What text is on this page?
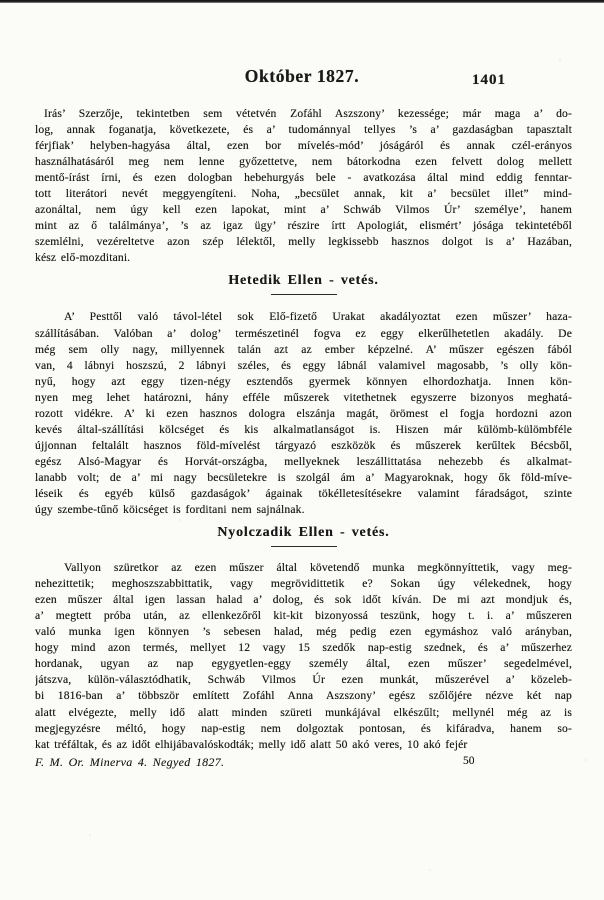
Október 1827.	1401

Irás’ Szerzője, tekintetben sem vétetvén Zofáhl Aszszony’ kezessége; már maga a’ do-
log, annak foganatja, következete, és a’ tudománnyal tellyes ’s a’ gazdaságban tapasztalt
férjfiak’ helyben-hagyása által, ezen bor mívelés-mód’ jóságáról és annak czél-erányos
használhatásáról meg nem lenne győzettetve, nem bátorkodna ezen felvett dolog mellett
mentő-írást írni, és ezen dologban hebehurgyás bele - avatkozása által mind eddig fenntar-
tott literátori nevét meggyengíteni. Noha, „becsület annak, kit a’ becsület illet” mind-
azonáltal, nem úgy kell ezen lapokat, mint a’ Schwáb Vilmos Úr’ személye’, hanem
mint az ő találmánya’, ’s az igaz ügy’ részire írtt Apologiát, elismért’ jósága tekintetéből
szemlélni, vezéreltetve azon szép lélektől, melly legkissebb hasznos dolgot is a’ Hazában,
kész elő-mozditani.

Hetedik Ellen - vetés.

A’ Pesttől való távol-létel sok Elő-fizető Urakat akadályoztat ezen műszer’ haza-
szállításában. Valóban a’ dolog’ természetinél fogva ez eggy elkerűlhetetlen akadály. De
még sem olly nagy, millyennek talán azt az ember képzelné. A’ műszer egészen fából
van, 4 lábnyi hoszszú, 2 lábnyi széles, és eggy lábnál valamivel magosabb, ’s olly kön-
nyű, hogy azt eggy tizen-négy esztendős gyermek könnyen elhordozhatja. Innen kön-
nyen meg lehet határozni, hány efféle műszerek vitethetnek egyszerre bizonyos meghatá-
rozott vidékre. A’ ki ezen hasznos dologra elszánja magát, örömest el fogja hordozni azon
kevés által-szállítási kölcséget és kis alkalmatlanságot is. Hiszen már külömb-külömbféle
újjonnan feltalált hasznos föld-mívelést tárgyazó eszközök és műszerek kerűltek Bécsből,
egész Alsó-Magyar és Horvát-országba, mellyeknek leszállittatása nehezebb és alkalmat-
lanabb volt; de a’ mi nagy becsületekre is szolgál ám a’ Magyaroknak, hogy ők föld-míve-
léseik és egyéb külső gazdaságok’ ágainak tökélletesítésekre valamint fáradságot, szinte
úgy szembe-tűnő köicséget is forditani nem sajnálnak.

Nyolczadik Ellen - vetés.

Vallyon szüretkor az ezen műszer által követendő munka megkönnyíttetik, vagy meg-
nehezittetik; meghoszszabbittatik, vagy megrövidittetik e? Sokan úgy vélekednek, hogy
ezen műszer által igen lassan halad a’ dolog, és sok időt kíván. De mi azt mondjuk és,
a’ megtett próba után, az ellenkezőről kit-kit bizonyossá teszünk, hogy t. i. a’ műszeren
való munka igen könnyen ’s sebesen halad, még pedig ezen egymáshoz való arányban,
hogy mind azon termés, mellyet 12 vagy 15 szedők nap-estig szednek, és a’ műszerhez
hordanak, ugyan az nap egygyetlen-eggy személy által, ezen műszer’ segedelmével,
játszva, külön-választódhatik, Schwáb Vilmos Úr ezen munkát, műszerével a’ közeleb-
bi 1816-ban a’ többször említett Zofáhl Anna Aszszony’ egész szőlőjére nézve két nap
alatt elvégezte, melly idő alatt minden szüreti munkájával elkészűlt; mellynél még az is
megjegyzésre méltó, hogy nap-estig nem dolgoztak pontosan, és kifáradva, hanem so-
kat tréfáltak, és az időt elhijábavalóskodták; melly idő alatt 50 akó veres, 10 akó fejér

F. M. Or. Minerva 4. Negyed 1827.	50
